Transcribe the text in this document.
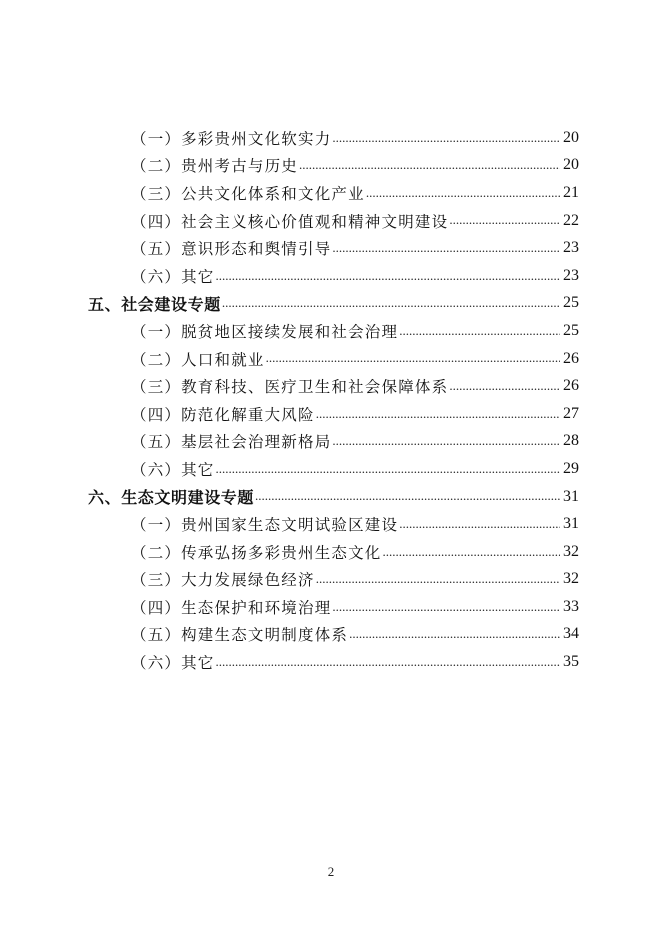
（一）多彩贵州文化软实力 .....	20
（二）贵州考古与历史 .....	20
（三）公共文化体系和文化产业 .....	21
（四）社会主义核心价值观和精神文明建设 .....	22
（五）意识形态和舆情引导 .....	23
（六）其它 .....	23
五、社会建设专题 .....	25
（一）脱贫地区接续发展和社会治理 .....	25
（二）人口和就业 .....	26
（三）教育科技、医疗卫生和社会保障体系 .....	26
（四）防范化解重大风险 .....	27
（五）基层社会治理新格局 .....	28
（六）其它 .....	29
六、生态文明建设专题 .....	31
（一）贵州国家生态文明试验区建设 .....	31
（二）传承弘扬多彩贵州生态文化 .....	32
（三）大力发展绿色经济 .....	32
（四）生态保护和环境治理 .....	33
（五）构建生态文明制度体系 .....	34
（六）其它 .....	35
2
